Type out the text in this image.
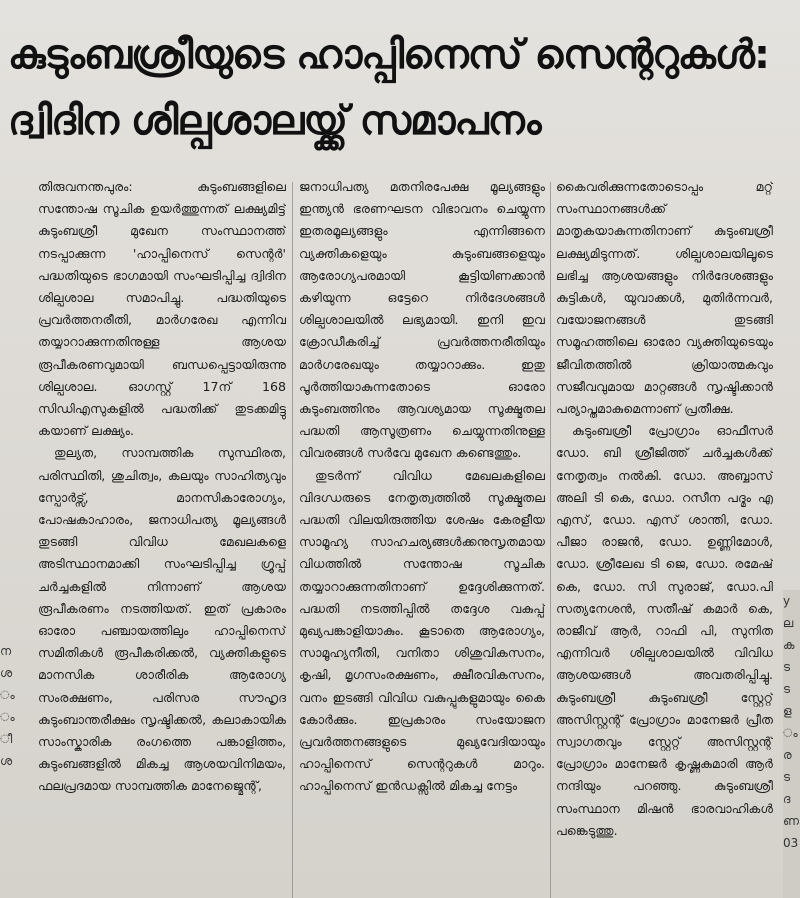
കുടുംബശ്രീയുടെ ഹാപ്പിനെസ് സെന്ററുകൾ:
ദ്വിദിന ശില്പശാലയ്ക്ക് സമാപനം

തിരുവനന്തപുരം: കുടുംബങ്ങളിലെ സന്തോഷ സൂചിക ഉയർത്തുന്നത് ലക്ഷ്യമിട്ട് കുടുംബശ്രീ മുഖേന സംസ്ഥാനത്ത് നടപ്പാക്കുന്ന 'ഹാപ്പിനെസ് സെന്റർ' പദ്ധതിയുടെ ഭാഗമായി സംഘടിപ്പിച്ച ദ്വിദിന ശില്പശാല സമാപിച്ചു. പദ്ധതിയുടെ പ്രവർത്തനരീതി, മാർഗരേഖ എന്നിവ തയ്യാറാക്കുന്നതിനുള്ള ആശയ രൂപീകരണവുമായി ബന്ധപ്പെട്ടായിരുന്നു ശില്പശാല. ഓഗസ്റ്റ് 17ന് 168 സിഡിഎസുകളിൽ പദ്ധതിക്ക് തുടക്കമിട്ടു കയാണ് ലക്ഷ്യം.

തുല്യത, സാമ്പത്തിക സുസ്ഥിരത, പരിസ്ഥിതി, ശുചിത്വം, കലയും സാഹിത്യവും സ്പോർട്സ്, മാനസികാരോഗ്യം, പോഷകാഹാരം, ജനാധിപത്യ മൂല്യങ്ങൾ തുടങ്ങി വിവിധ മേഖലകളെ അടിസ്ഥാനമാക്കി സംഘടിപ്പിച്ച ഗ്രൂപ്പ് ചർച്ചകളിൽ നിന്നാണ് ആശയ രൂപീകരണം നടത്തിയത്. ഇത് പ്രകാരം ഓരോ പഞ്ചായത്തിലും ഹാപ്പിനെസ് സമിതികൾ രൂപീകരിക്കൽ, വ്യക്തികളുടെ മാനസിക ശാരീരിക ആരോഗ്യ സംരക്ഷണം, പരിസര സൗഹൃദ കുടുംബാന്തരീക്ഷം സൃഷ്ടിക്കൽ, കലാകായിക സാംസ്കാരിക രംഗത്തെ പങ്കാളിത്തം, കുടുംബങ്ങളിൽ മികച്ച ആശയവിനിമയം, ഫലപ്രദമായ സാമ്പത്തിക മാനേജ്മെന്റ്,

ജനാധിപത്യ മതനിരപേക്ഷ മൂല്യങ്ങളും ഇന്ത്യൻ ഭരണഘടന വിഭാവനം ചെയ്യുന്ന ഇതരമൂല്യങ്ങളും എന്നിങ്ങനെ വ്യക്തികളെയും കുടുംബങ്ങളെയും ആരോഗ്യപരമായി കൂട്ടിയിണക്കാൻ കഴിയുന്ന ഒട്ടേറെ നിർദേശങ്ങൾ ശില്പശാലയിൽ ലഭ്യമായി. ഇനി ഇവ ക്രോഡീകരിച്ച് പ്രവർത്തനരീതിയും മാർഗരേഖയും തയ്യാറാക്കും. ഇതു പൂർത്തിയാകുന്നതോടെ ഓരോ കുടുംബത്തിനും ആവശ്യമായ സൂക്ഷ്മതല പദ്ധതി ആസൂത്രണം ചെയ്യുന്നതിനുള്ള വിവരങ്ങൾ സർവേ മുഖേന കണ്ടെത്തും.

തുടർന്ന് വിവിധ മേഖലകളിലെ വിദഗ്ധരുടെ നേതൃത്വത്തിൽ സൂക്ഷ്മതല പദ്ധതി വിലയിരുത്തിയ ശേഷം കേരളീയ സാമൂഹ്യ സാഹചര്യങ്ങൾക്കനുസൃതമായ വിധത്തിൽ സന്തോഷ സൂചിക തയ്യാറാക്കുന്നതിനാണ് ഉദ്ദേശിക്കുന്നത്. പദ്ധതി നടത്തിപ്പിൽ തദ്ദേശ വകുപ്പ് മുഖ്യപങ്കാളിയാകും. കൂടാതെ ആരോഗ്യം, സാമൂഹ്യനീതി, വനിതാ ശിശുവികസനം, കൃഷി, മൃഗസംരക്ഷണം, ക്ഷീരവികസനം, വനം ഇടങ്ങി വിവിധ വകുപ്പുകളുമായും കൈ കോർക്കും. ഇപ്രകാരം സംയോജന പ്രവർത്തനങ്ങളുടെ മുഖ്യവേദിയായും ഹാപ്പിനെസ് സെന്ററുകൾ മാറും. ഹാപ്പിനെസ് ഇൻഡക്സിൽ മികച്ച നേട്ടം

കൈവരിക്കുന്നതോടൊപ്പം മറ്റ് സംസ്ഥാനങ്ങൾക്ക് മാതൃകയാകുന്നതിനാണ് കുടുംബശ്രീ ലക്ഷ്യമിടുന്നത്. ശില്പശാലയിലൂടെ ലഭിച്ച ആശയങ്ങളും നിർദേശങ്ങളും കുട്ടികൾ, യുവാക്കൾ, മുതിർന്നവർ, വയോജനങ്ങൾ തുടങ്ങി സമൂഹത്തിലെ ഓരോ വ്യക്തിയുടെയും ജീവിതത്തിൽ ക്രിയാത്മകവും സജീവവുമായ മാറ്റങ്ങൾ സൃഷ്ടിക്കാൻ പര്യാപ്തമാകുമെന്നാണ് പ്രതീക്ഷ.

കുടുംബശ്രീ പ്രോഗ്രാം ഓഫീസർ ഡോ. ബി ശ്രീജിത്ത് ചർച്ചകൾക്ക് നേതൃത്വം നൽകി. ഡോ. അബ്ബാസ് അലി ടി കെ, ഡോ. റസീന പദ്മം എ എസ്, ഡോ. എസ് ശാന്തി, ഡോ. പീജാ രാജൻ, ഡോ. ഉണ്ണിമോൾ, ഡോ. ശ്രീലേഖ ടി ജെ, ഡോ. രമേഷ് കെ, ഡോ. സി സുരാജ്, ഡോ.പി സത്യനേശൻ, സതീഷ് കമാർ കെ, രാജീവ് ആർ, റാഫി പി, സുനിത എന്നിവർ ശില്പശാലയിൽ വിവിധ ആശയങ്ങൾ അവതരിപ്പിച്ചു. കുടുംബശ്രീ കുടുംബശ്രീ സ്റ്റേറ്റ് അസിസ്റ്റന്റ് പ്രോഗ്രാം മാനേജർ പ്രീത സ്വാഗതവും സ്റ്റേറ്റ് അസിസ്റ്റന്റ് പ്രോഗ്രാം മാനേജർ കൃഷ്ണകുമാരി ആർ നന്ദിയും പറഞ്ഞു. കുടുംബശ്രീ സംസ്ഥാന മിഷൻ ഭാരവാഹികൾ പങ്കെടുത്തു.

ന
ശ
ം
ം
ീ
ശ
y
ല
ക
ട
ട
ള
ം
ര
ട
ദ
ണ
03
